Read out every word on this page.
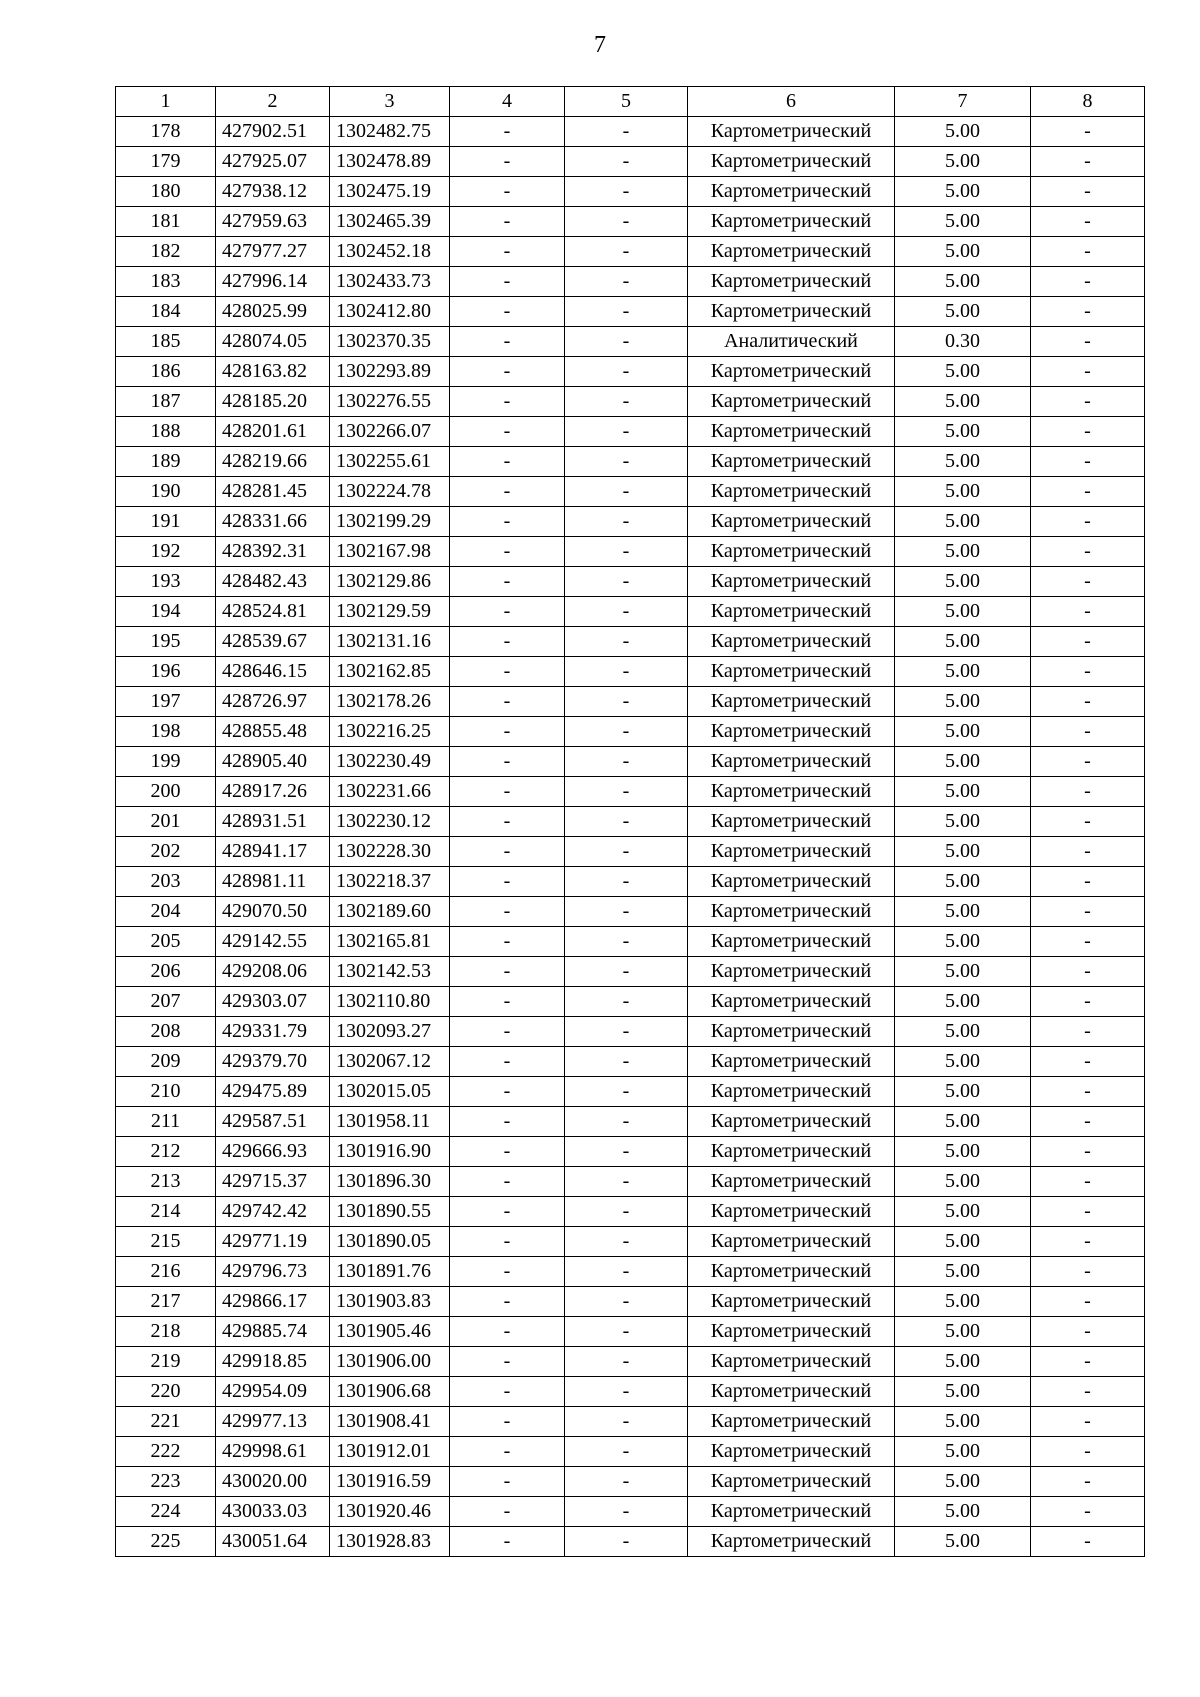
7
1	2	3	4	5	6	7	8
178	427902.51	1302482.75	-	-	Картометрический	5.00	-
179	427925.07	1302478.89	-	-	Картометрический	5.00	-
180	427938.12	1302475.19	-	-	Картометрический	5.00	-
181	427959.63	1302465.39	-	-	Картометрический	5.00	-
182	427977.27	1302452.18	-	-	Картометрический	5.00	-
183	427996.14	1302433.73	-	-	Картометрический	5.00	-
184	428025.99	1302412.80	-	-	Картометрический	5.00	-
185	428074.05	1302370.35	-	-	Аналитический	0.30	-
186	428163.82	1302293.89	-	-	Картометрический	5.00	-
187	428185.20	1302276.55	-	-	Картометрический	5.00	-
188	428201.61	1302266.07	-	-	Картометрический	5.00	-
189	428219.66	1302255.61	-	-	Картометрический	5.00	-
190	428281.45	1302224.78	-	-	Картометрический	5.00	-
191	428331.66	1302199.29	-	-	Картометрический	5.00	-
192	428392.31	1302167.98	-	-	Картометрический	5.00	-
193	428482.43	1302129.86	-	-	Картометрический	5.00	-
194	428524.81	1302129.59	-	-	Картометрический	5.00	-
195	428539.67	1302131.16	-	-	Картометрический	5.00	-
196	428646.15	1302162.85	-	-	Картометрический	5.00	-
197	428726.97	1302178.26	-	-	Картометрический	5.00	-
198	428855.48	1302216.25	-	-	Картометрический	5.00	-
199	428905.40	1302230.49	-	-	Картометрический	5.00	-
200	428917.26	1302231.66	-	-	Картометрический	5.00	-
201	428931.51	1302230.12	-	-	Картометрический	5.00	-
202	428941.17	1302228.30	-	-	Картометрический	5.00	-
203	428981.11	1302218.37	-	-	Картометрический	5.00	-
204	429070.50	1302189.60	-	-	Картометрический	5.00	-
205	429142.55	1302165.81	-	-	Картометрический	5.00	-
206	429208.06	1302142.53	-	-	Картометрический	5.00	-
207	429303.07	1302110.80	-	-	Картометрический	5.00	-
208	429331.79	1302093.27	-	-	Картометрический	5.00	-
209	429379.70	1302067.12	-	-	Картометрический	5.00	-
210	429475.89	1302015.05	-	-	Картометрический	5.00	-
211	429587.51	1301958.11	-	-	Картометрический	5.00	-
212	429666.93	1301916.90	-	-	Картометрический	5.00	-
213	429715.37	1301896.30	-	-	Картометрический	5.00	-
214	429742.42	1301890.55	-	-	Картометрический	5.00	-
215	429771.19	1301890.05	-	-	Картометрический	5.00	-
216	429796.73	1301891.76	-	-	Картометрический	5.00	-
217	429866.17	1301903.83	-	-	Картометрический	5.00	-
218	429885.74	1301905.46	-	-	Картометрический	5.00	-
219	429918.85	1301906.00	-	-	Картометрический	5.00	-
220	429954.09	1301906.68	-	-	Картометрический	5.00	-
221	429977.13	1301908.41	-	-	Картометрический	5.00	-
222	429998.61	1301912.01	-	-	Картометрический	5.00	-
223	430020.00	1301916.59	-	-	Картометрический	5.00	-
224	430033.03	1301920.46	-	-	Картометрический	5.00	-
225	430051.64	1301928.83	-	-	Картометрический	5.00	-
